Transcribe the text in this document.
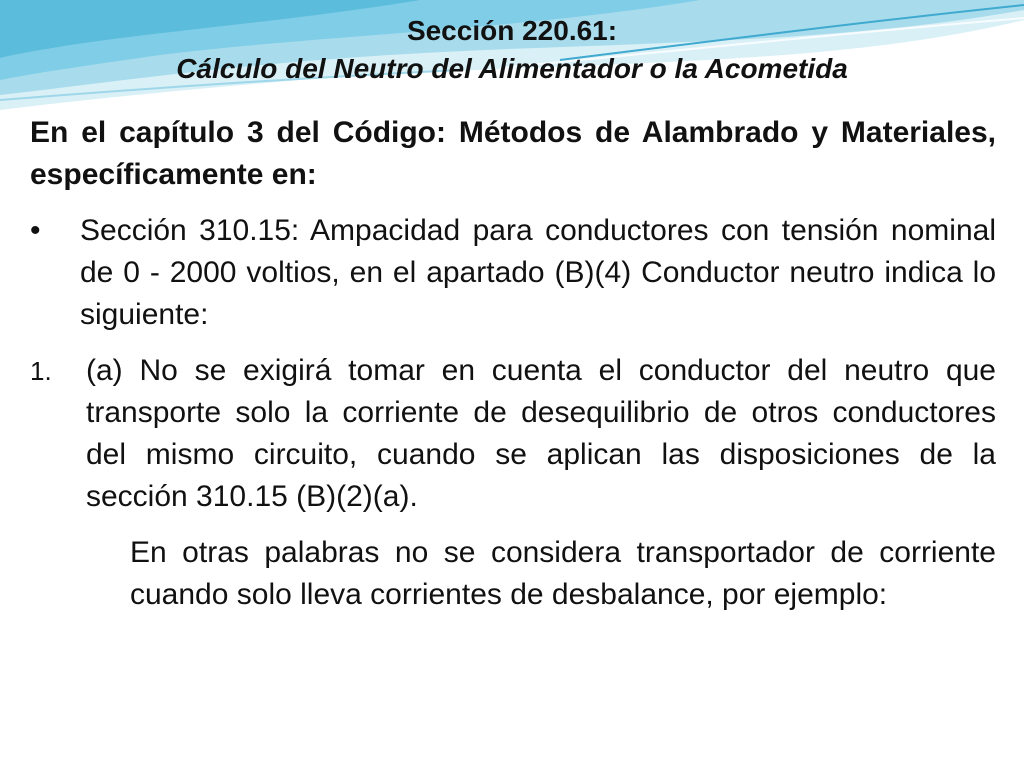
Sección 220.61:
Cálculo del Neutro del Alimentador o la Acometida

En el capítulo 3 del Código: Métodos de Alambrado y Materiales, específicamente en:

•	Sección 310.15: Ampacidad para conductores con tensión nominal de 0 - 2000 voltios, en el apartado (B)(4) Conductor neutro indica lo siguiente:
1.	(a) No se exigirá tomar en cuenta el conductor del neutro que transporte solo la corriente de desequilibrio de otros conductores del mismo circuito, cuando se aplican las disposiciones de la sección 310.15 (B)(2)(a).

En otras palabras no se considera transportador de corriente cuando solo lleva corrientes de desbalance, por ejemplo:
